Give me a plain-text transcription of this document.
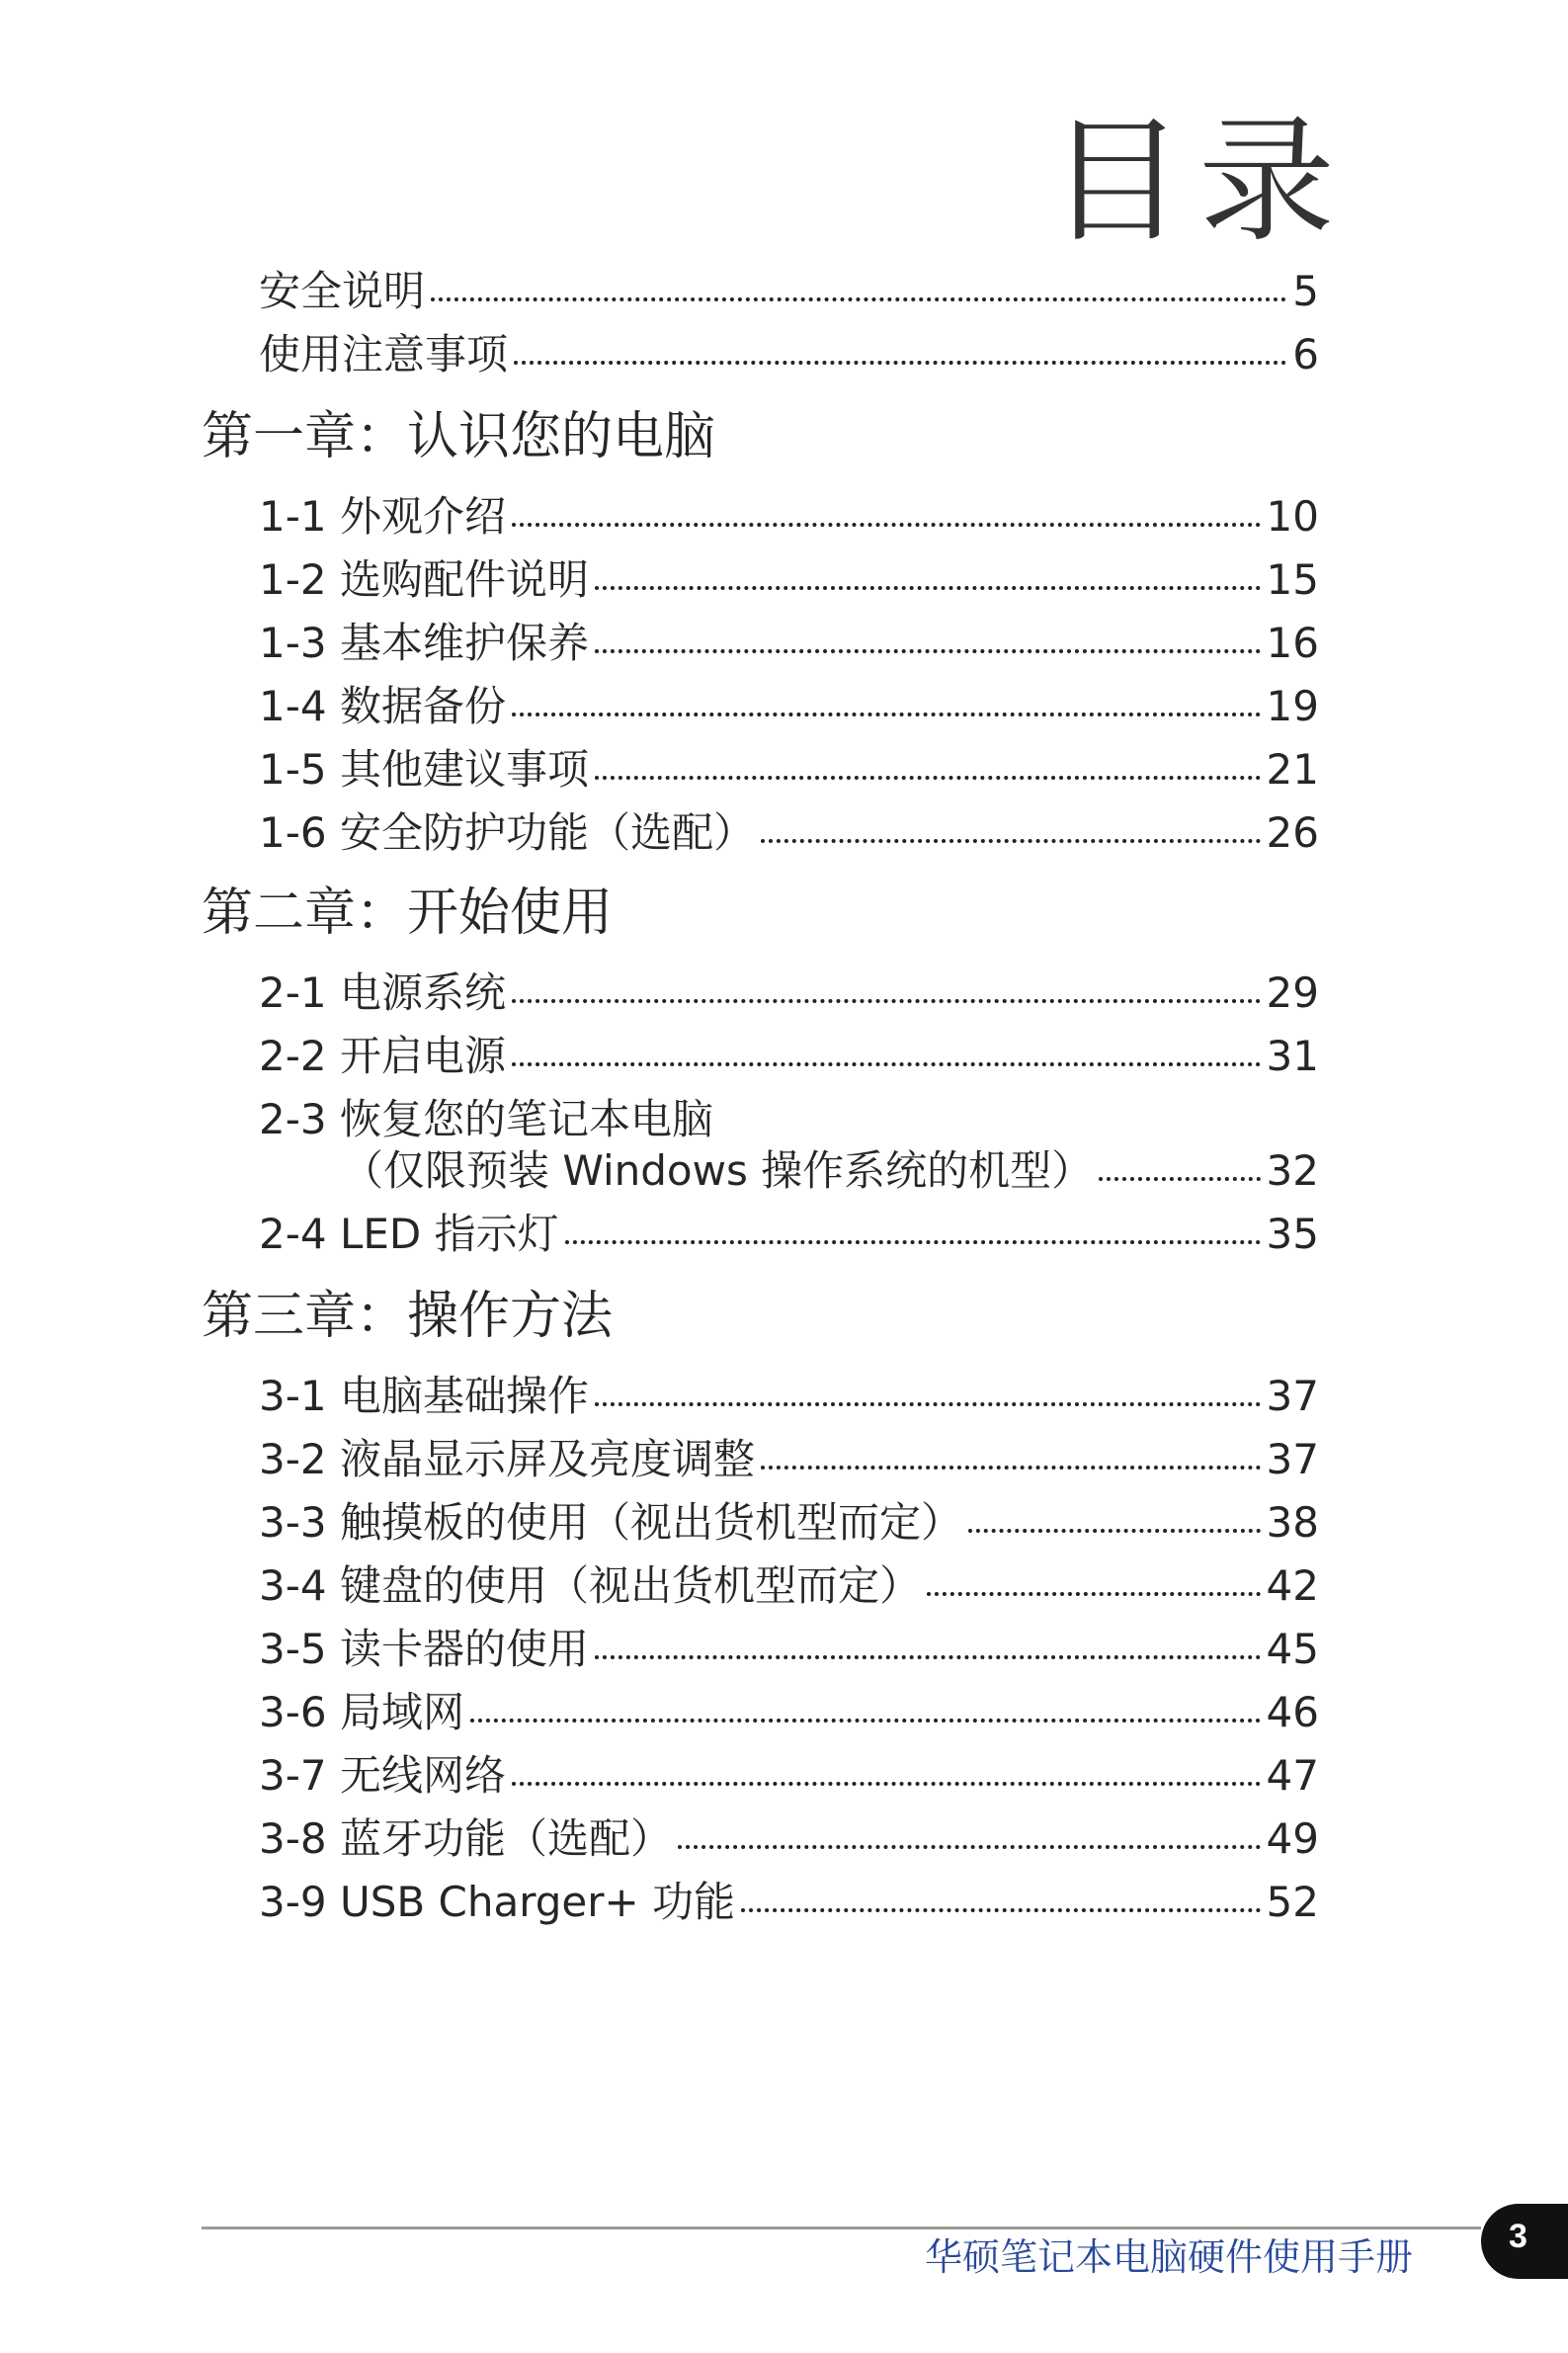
目录
安全说明	5
使用注意事项	6
第一章：认识您的电脑
1-1 外观介绍	10
1-2 选购配件说明	15
1-3 基本维护保养	16
1-4 数据备份	19
1-5 其他建议事项	21
1-6 安全防护功能（选配）	26
第二章：开始使用
2-1 电源系统	29
2-2 开启电源	31
2-3 恢复您的笔记本电脑
（仅限预装 Windows 操作系统的机型）	32
2-4 LED 指示灯	35
第三章：操作方法
3-1 电脑基础操作	37
3-2 液晶显示屏及亮度调整	37
3-3 触摸板的使用（视出货机型而定）	38
3-4 键盘的使用（视出货机型而定）	42
3-5 读卡器的使用	45
3-6 局域网	46
3-7 无线网络	47
3-8 蓝牙功能（选配）	49
3-9 USB Charger+ 功能	52
华硕笔记本电脑硬件使用手册	3
